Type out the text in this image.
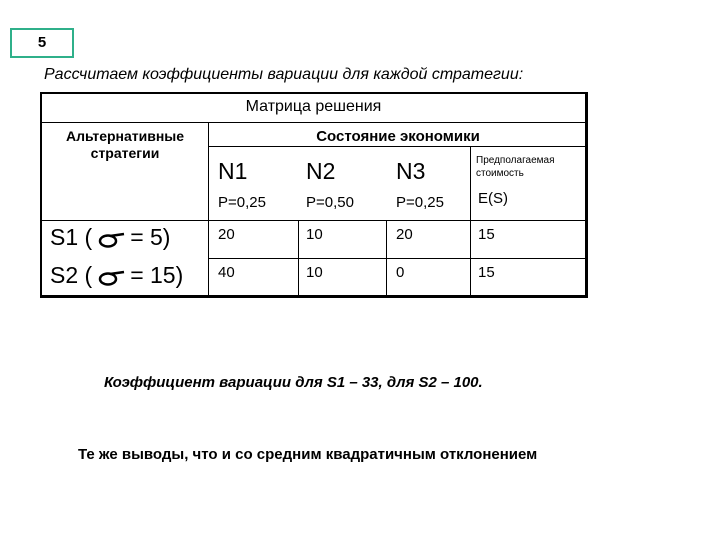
5
Рассчитаем коэффициенты вариации для каждой стратегии:
Матрица решения
Альтернативные стратегии
Состояние экономики
N1	N2	N3
P=0,25	P=0,50	P=0,25
Предполагаемая стоимость
E(S)
S1 ( = 5)	20	10	20	15
S2 ( = 15) 40	10	0	15
Коэффициент вариации для S1 – 33, для S2 – 100.
Те же выводы, что и со средним квадратичным отклонением
